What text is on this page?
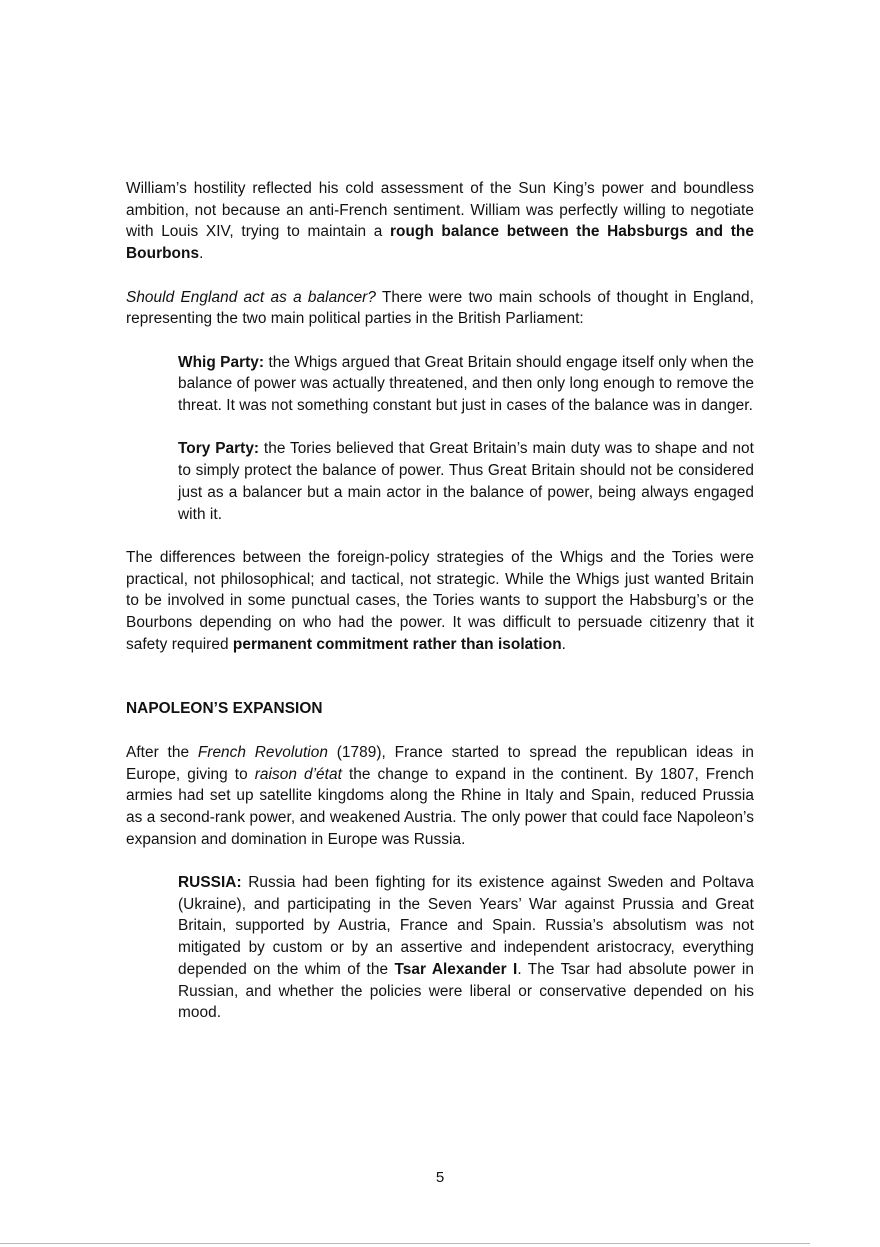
William’s hostility reflected his cold assessment of the Sun King’s power and boundless ambition, not because an anti-French sentiment. William was perfectly willing to negotiate with Louis XIV, trying to maintain a rough balance between the Habsburgs and the Bourbons.

Should England act as a balancer? There were two main schools of thought in England, representing the two main political parties in the British Parliament:

Whig Party: the Whigs argued that Great Britain should engage itself only when the balance of power was actually threatened, and then only long enough to remove the threat. It was not something constant but just in cases of the balance was in danger.

Tory Party: the Tories believed that Great Britain’s main duty was to shape and not to simply protect the balance of power. Thus Great Britain should not be considered just as a balancer but a main actor in the balance of power, being always engaged with it.

The differences between the foreign-policy strategies of the Whigs and the Tories were practical, not philosophical; and tactical, not strategic. While the Whigs just wanted Britain to be involved in some punctual cases, the Tories wants to support the Habsburg’s or the Bourbons depending on who had the power. It was difficult to persuade citizenry that it safety required permanent commitment rather than isolation.

NAPOLEON’S EXPANSION

After the French Revolution (1789), France started to spread the republican ideas in Europe, giving to raison d’état the change to expand in the continent. By 1807, French armies had set up satellite kingdoms along the Rhine in Italy and Spain, reduced Prussia as a second-rank power, and weakened Austria. The only power that could face Napoleon’s expansion and domination in Europe was Russia.

RUSSIA: Russia had been fighting for its existence against Sweden and Poltava (Ukraine), and participating in the Seven Years’ War against Prussia and Great Britain, supported by Austria, France and Spain. Russia’s absolutism was not mitigated by custom or by an assertive and independent aristocracy, everything depended on the whim of the Tsar Alexander I. The Tsar had absolute power in Russian, and whether the policies were liberal or conservative depended on his mood.

5
